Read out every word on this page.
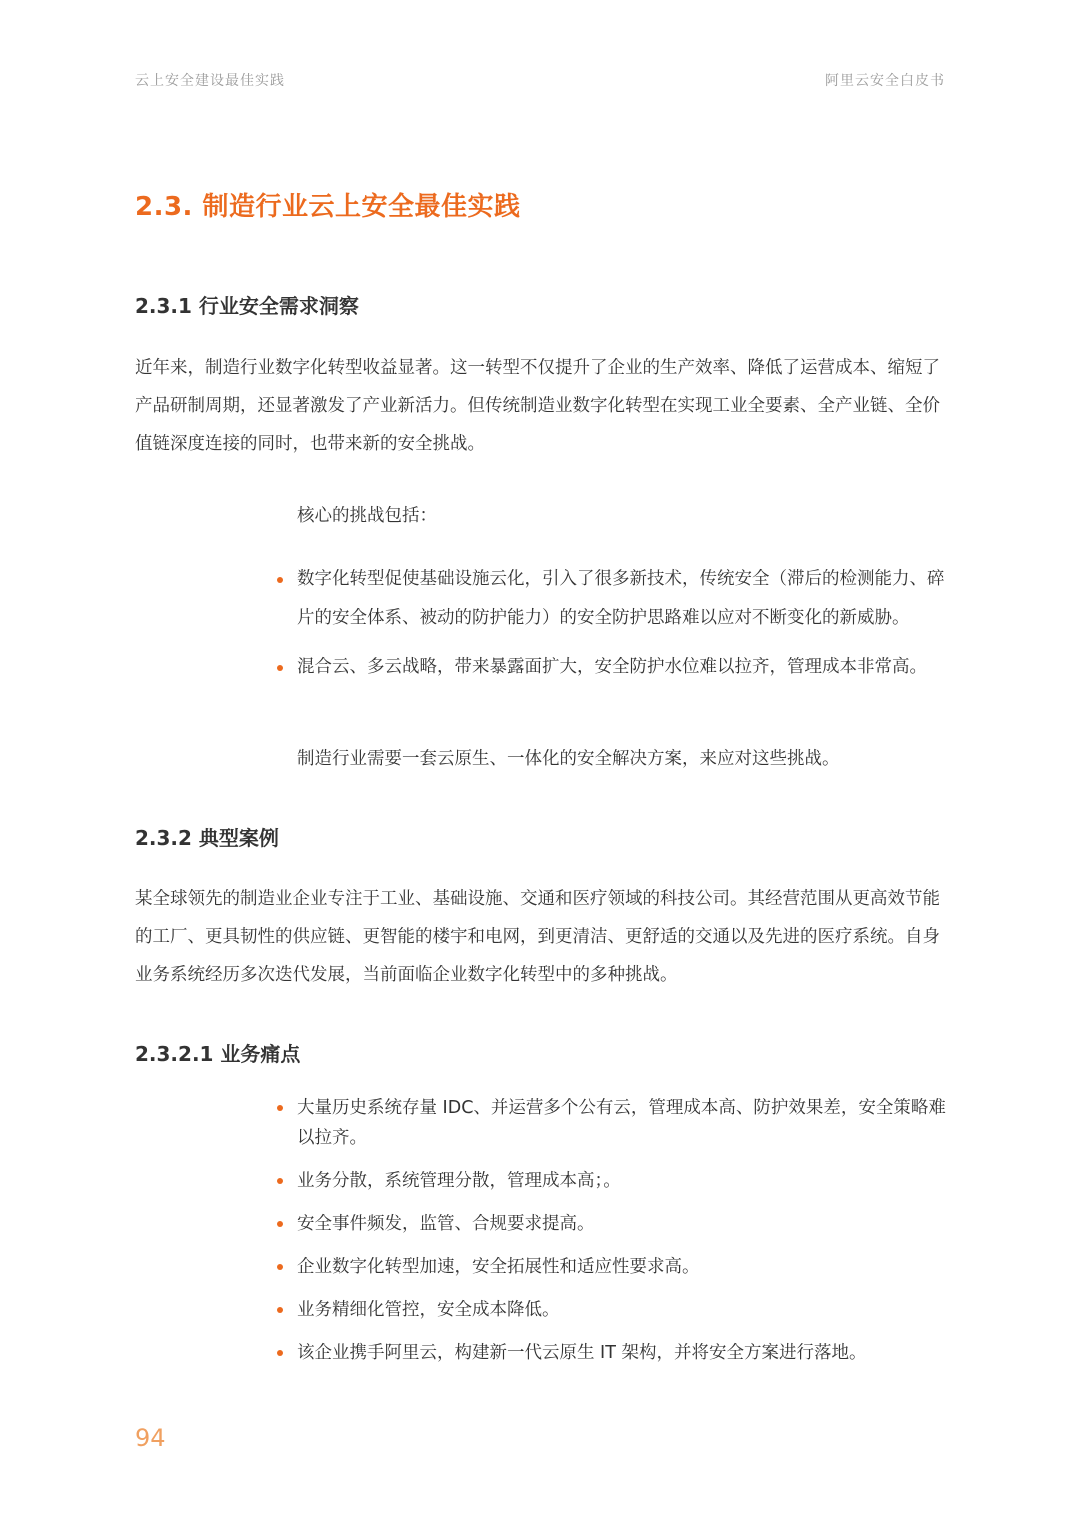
云上安全建设最佳实践	阿里云安全白皮书
2.3. 制造行业云上安全最佳实践
2.3.1 行业安全需求洞察

近年来，制造行业数字化转型收益显著。这一转型不仅提升了企业的生产效率、降低了运营成本、缩短了产品研制周期，还显著激发了产业新活力。但传统制造业数字化转型在实现工业全要素、全产业链、全价值链深度连接的同时，也带来新的安全挑战。

核心的挑战包括：

数字化转型促使基础设施云化，引入了很多新技术，传统安全（滞后的检测能力、碎片的安全体系、被动的防护能力）的安全防护思路难以应对不断变化的新威胁。
混合云、多云战略，带来暴露面扩大，安全防护水位难以拉齐，管理成本非常高。

制造行业需要一套云原生、一体化的安全解决方案，来应对这些挑战。

2.3.2 典型案例

某全球领先的制造业企业专注于工业、基础设施、交通和医疗领域的科技公司。其经营范围从更高效节能的工厂、更具韧性的供应链、更智能的楼宇和电网，到更清洁、更舒适的交通以及先进的医疗系统。自身业务系统经历多次迭代发展，当前面临企业数字化转型中的多种挑战。

2.3.2.1 业务痛点
大量历史系统存量 IDC、并运营多个公有云，管理成本高、防护效果差，安全策略难以拉齐。
业务分散，系统管理分散，管理成本高；。
安全事件频发，监管、合规要求提高。
企业数字化转型加速，安全拓展性和适应性要求高。
业务精细化管控，安全成本降低。
该企业携手阿里云，构建新一代云原生 IT 架构，并将安全方案进行落地。
94
